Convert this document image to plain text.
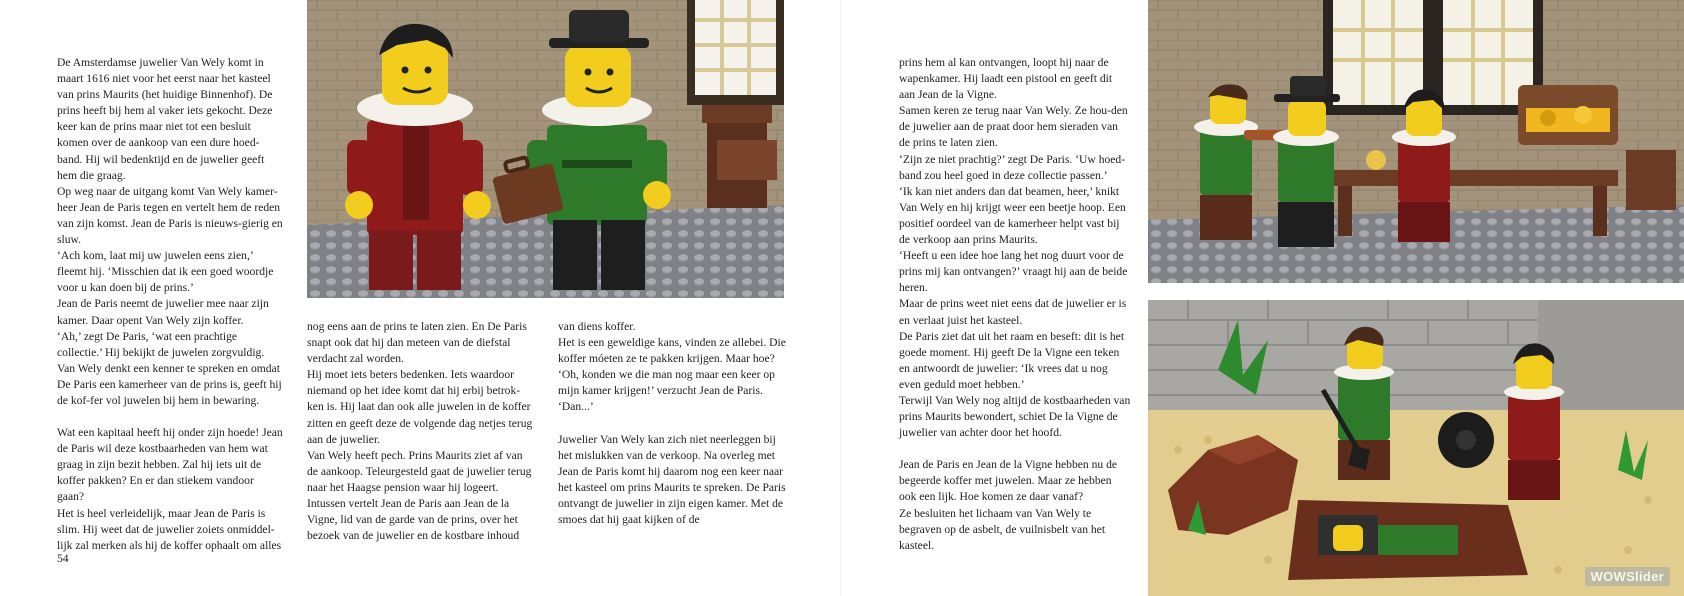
De Amsterdamse juwelier Van Wely komt in maart 1616 niet voor het eerst naar het kasteel van prins Maurits (het huidige Binnenhof). De prins heeft bij hem al vaker iets gekocht. Deze keer kan de prins maar niet tot een besluit komen over de aankoop van een dure hoed-band. Hij wil bedenktijd en de juwelier geeft hem die graag.

Op weg naar de uitgang komt Van Wely kamer-heer Jean de Paris tegen en vertelt hem de reden van zijn komst. Jean de Paris is nieuws-gierig en sluw.

‘Ach kom, laat mij uw juwelen eens zien,’ fleemt hij. ‘Misschien dat ik een goed woordje voor u kan doen bij de prins.’

Jean de Paris neemt de juwelier mee naar zijn kamer. Daar opent Van Wely zijn koffer.

‘Ah,’ zegt De Paris, ‘wat een prachtige collectie.’ Hij bekijkt de juwelen zorgvuldig. Van Wely denkt een kenner te spreken en omdat De Paris een kamerheer van de prins is, geeft hij de kof-fer vol juwelen bij hem in bewaring.

Wat een kapitaal heeft hij onder zijn hoede! Jean de Paris wil deze kostbaarheden van hem wat graag in zijn bezit hebben. Zal hij iets uit de koffer pakken? En er dan stiekem vandoor gaan?

Het is heel verleidelijk, maar Jean de Paris is slim. Hij weet dat de juwelier zoiets onmiddel-lijk zal merken als hij de koffer ophaalt om alles

nog eens aan de prins te laten zien. En De Paris snapt ook dat hij dan meteen van de diefstal verdacht zal worden.

Hij moet iets beters bedenken. Iets waardoor niemand op het idee komt dat hij erbij betrok-ken is. Hij laat dan ook alle juwelen in de koffer zitten en geeft deze de volgende dag netjes terug aan de juwelier.

Van Wely heeft pech. Prins Maurits ziet af van de aankoop. Teleurgesteld gaat de juwelier terug naar het Haagse pension waar hij logeert. Intussen vertelt Jean de Paris aan Jean de la Vigne, lid van de garde van de prins, over het bezoek van de juwelier en de kostbare inhoud

van diens koffer.

Het is een geweldige kans, vinden ze allebei. Die koffer móeten ze te pakken krijgen. Maar hoe?

‘Oh, konden we die man nog maar een keer op mijn kamer krijgen!’ verzucht Jean de Paris. ‘Dan...’

Juwelier Van Wely kan zich niet neerleggen bij het mislukken van de verkoop. Na overleg met Jean de Paris komt hij daarom nog een keer naar het kasteel om prins Maurits te spreken. De Paris ontvangt de juwelier in zijn eigen kamer. Met de smoes dat hij gaat kijken of de

54

prins hem al kan ontvangen, loopt hij naar de wapenkamer. Hij laadt een pistool en geeft dit aan Jean de la Vigne.

Samen keren ze terug naar Van Wely. Ze hou-den de juwelier aan de praat door hem sieraden van de prins te laten zien.

‘Zijn ze niet prachtig?’ zegt De Paris. ‘Uw hoed-band zou heel goed in deze collectie passen.’

‘Ik kan niet anders dan dat beamen, heer,’ knikt Van Wely en hij krijgt weer een beetje hoop. Een positief oordeel van de kamerheer helpt vast bij de verkoop aan prins Maurits.

‘Heeft u een idee hoe lang het nog duurt voor de prins mij kan ontvangen?’ vraagt hij aan de beide heren.

Maar de prins weet niet eens dat de juwelier er is en verlaat juist het kasteel.

De Paris ziet dat uit het raam en beseft: dit is het goede moment. Hij geeft De la Vigne een teken en antwoordt de juwelier: ‘Ik vrees dat u nog even geduld moet hebben.’

Terwijl Van Wely nog altijd de kostbaarheden van prins Maurits bewondert, schiet De la Vigne de juwelier van achter door het hoofd.

Jean de Paris en Jean de la Vigne hebben nu de begeerde koffer met juwelen. Maar ze hebben ook een lijk. Hoe komen ze daar vanaf?

Ze besluiten het lichaam van Van Wely te begraven op de asbelt, de vuilnisbelt van het kasteel.

WOWSlider
